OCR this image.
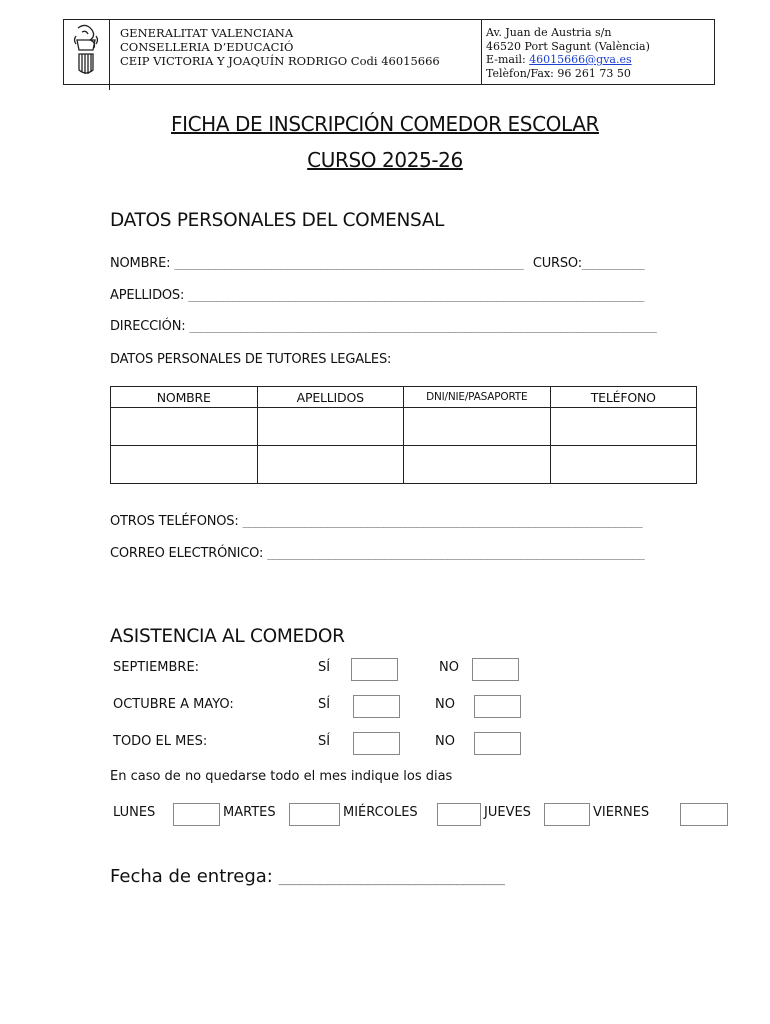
GENERALITAT VALENCIANA
CONSELLERIA D’EDUCACIÓ
CEIP VICTORIA Y JOAQUÍN RODRIGO Codi 46015666
Av. Juan de Austria s/n
46520 Port Sagunt (València)
E-mail: 46015666@gva.es
Telèfon/Fax: 96 261 73 50
FICHA DE INSCRIPCIÓN COMEDOR ESCOLAR
CURSO 2025-26
DATOS PERSONALES DEL COMENSAL
NOMBRE: ______________________________________________________________ CURSO:___________
APELLIDOS: _________________________________________________________________________________
DIRECCIÓN: ___________________________________________________________________________________
DATOS PERSONALES DE TUTORES LEGALES:
NOMBRE	APELLIDOS	DNI/NIE/PASAPORTE	TELÉFONO

OTROS TELÉFONOS: _______________________________________________________________________
CORREO ELECTRÓNICO: ___________________________________________________________________
ASISTENCIA AL COMEDOR
SEPTIEMBRE:	SÍ	NO
OCTUBRE A MAYO:	SÍ	NO
TODO EL MES:	SÍ	NO
En caso de no quedarse todo el mes indique los dias
LUNES	MARTES	MIÉRCOLES	JUEVES	VIERNES
Fecha de entrega: _________________________________
